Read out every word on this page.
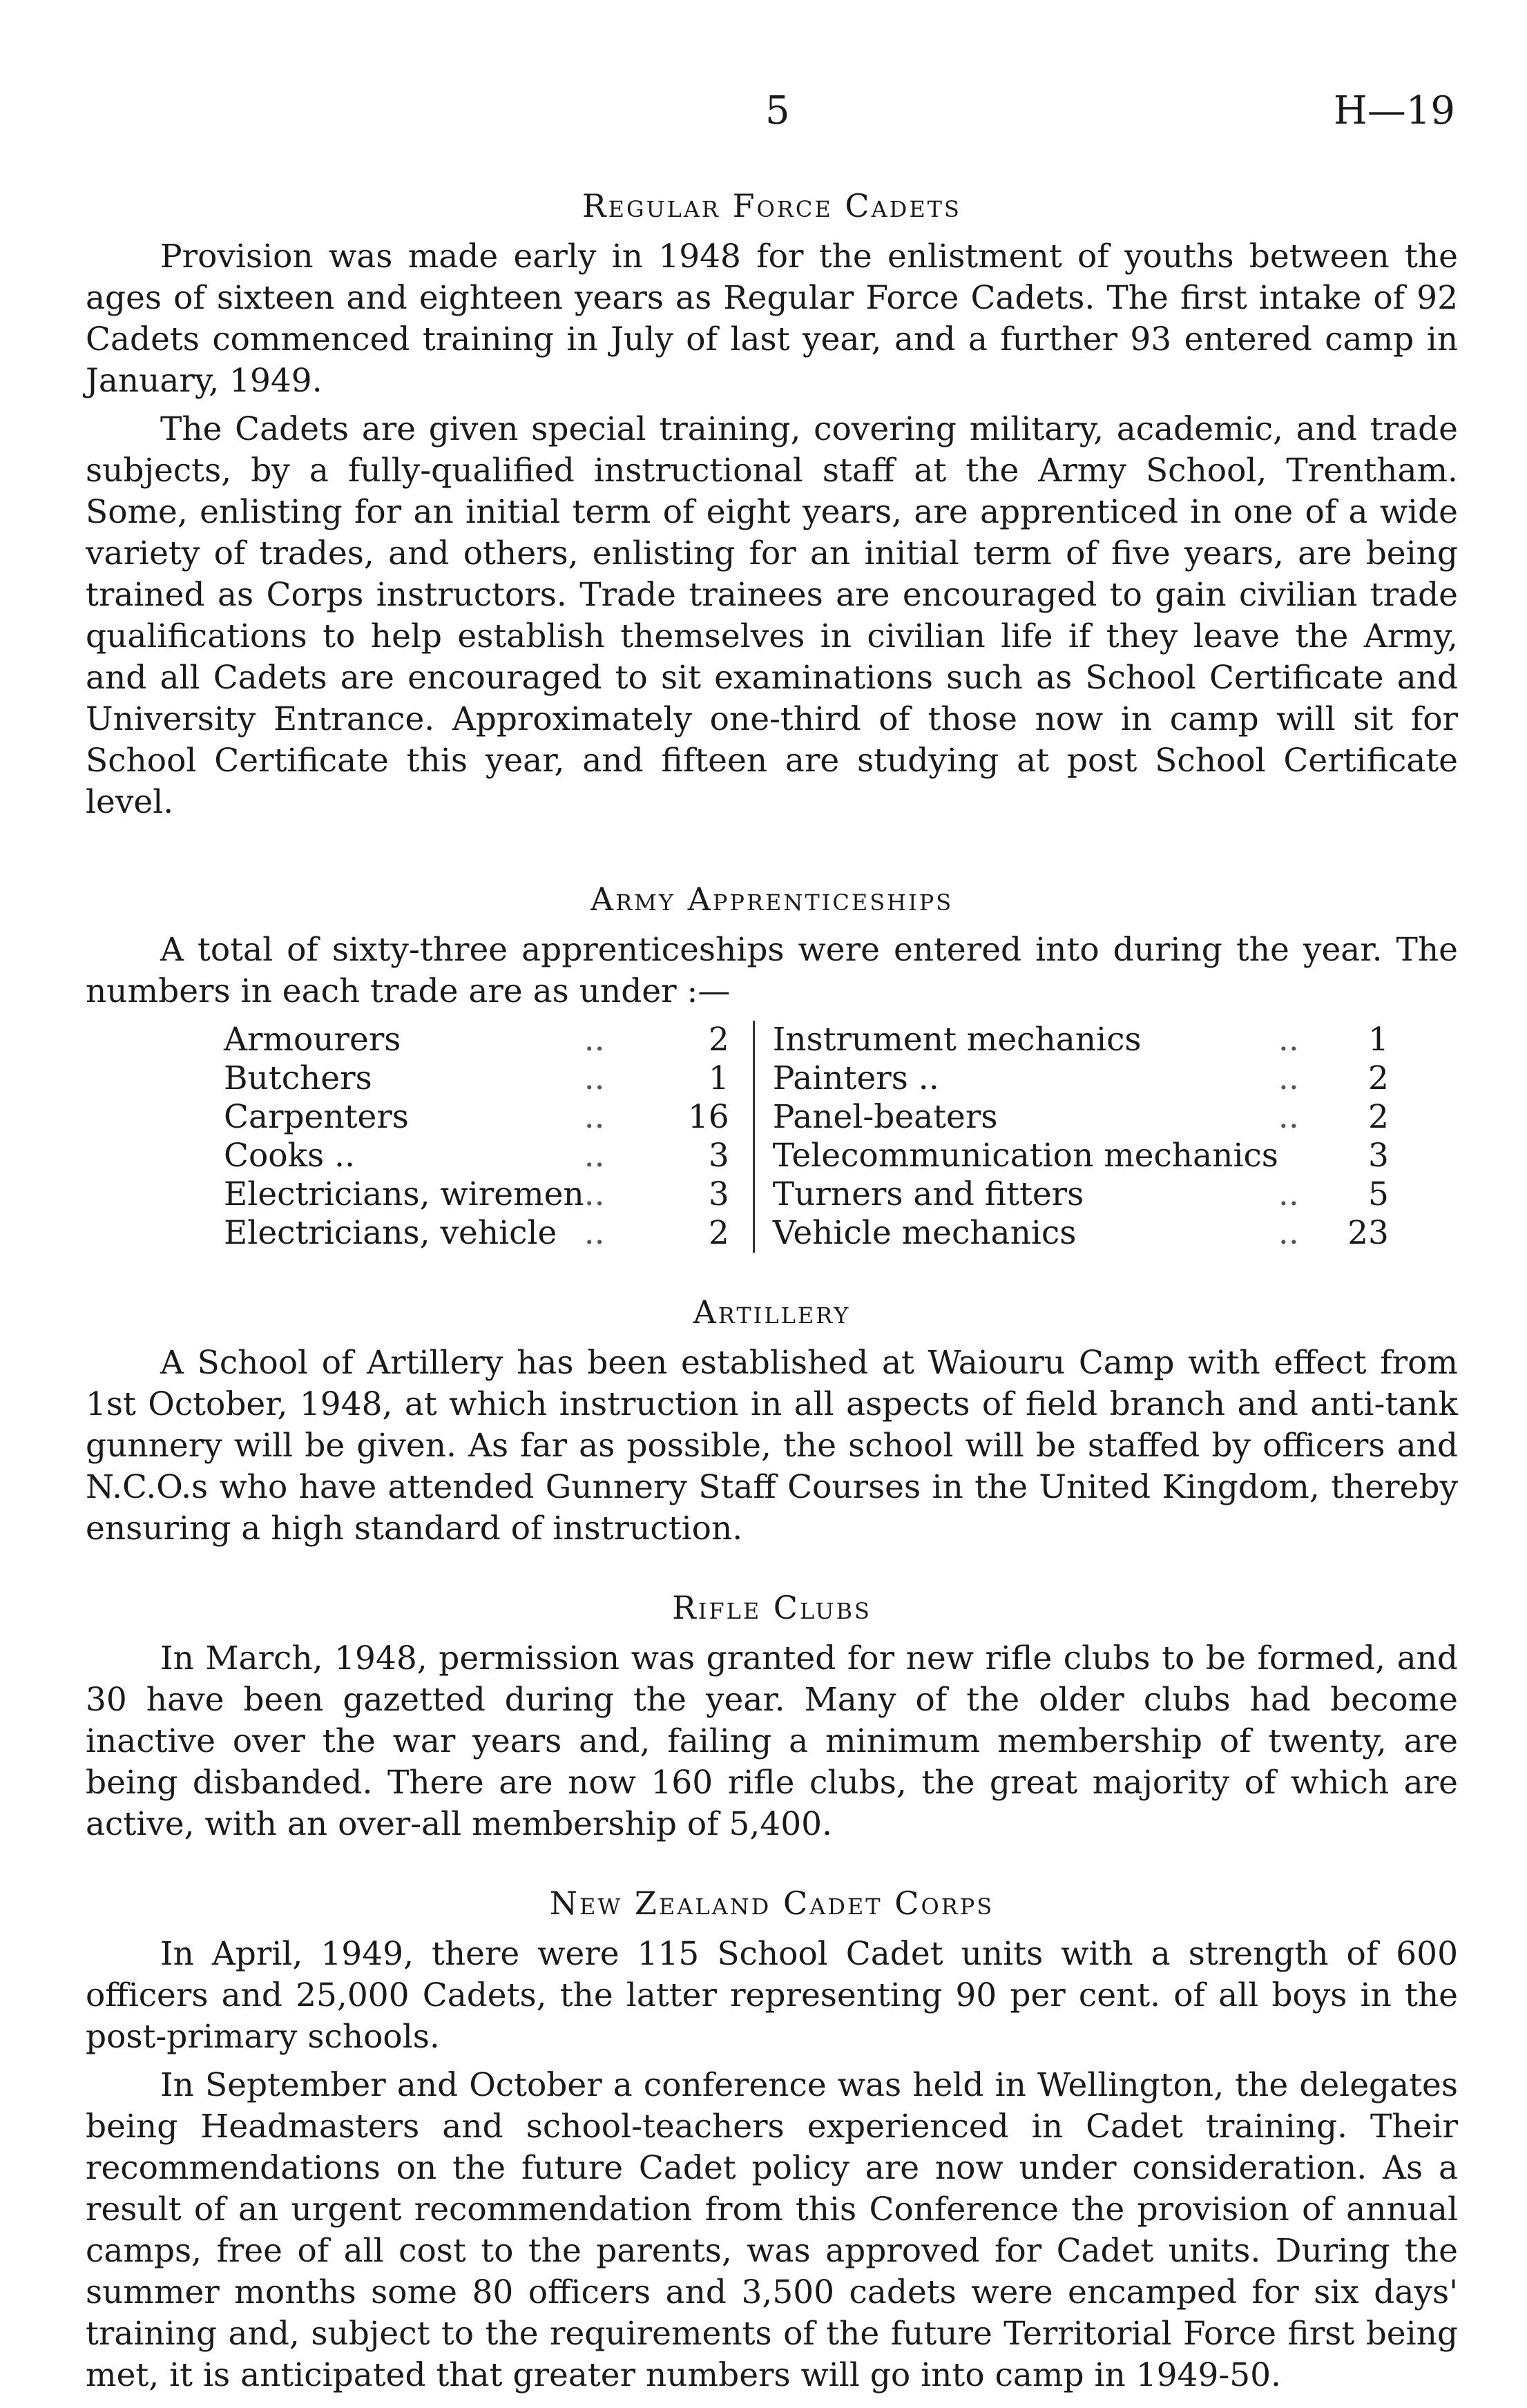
5	H—19
Regular Force Cadets

Provision was made early in 1948 for the enlistment of youths between the ages of sixteen and eighteen years as Regular Force Cadets. The first intake of 92 Cadets commenced training in July of last year, and a further 93 entered camp in January, 1949.

The Cadets are given special training, covering military, academic, and trade subjects, by a fully-qualified instructional staff at the Army School, Trentham. Some, enlisting for an initial term of eight years, are apprenticed in one of a wide variety of trades, and others, enlisting for an initial term of five years, are being trained as Corps instructors. Trade trainees are encouraged to gain civilian trade qualifications to help establish themselves in civilian life if they leave the Army, and all Cadets are encouraged to sit examinations such as School Certificate and University Entrance. Approximately one-third of those now in camp will sit for School Certificate this year, and fifteen are studying at post School Certificate level.

Army Apprenticeships

A total of sixty-three apprenticeships were entered into during the year. The numbers in each trade are as under :—

Armourers	..	2		Instrument mechanics	..	1
Butchers	..	1		Painters ..	..	2
Carpenters	..	16		Panel-beaters	..	2
Cooks ..	..	3		Telecommunication mechanics		3
Electricians, wiremen	..	3		Turners and fitters	..	5
Electricians, vehicle	..	2		Vehicle mechanics	..	23
Artillery

A School of Artillery has been established at Waiouru Camp with effect from 1st October, 1948, at which instruction in all aspects of field branch and anti-tank gunnery will be given. As far as possible, the school will be staffed by officers and N.C.O.s who have attended Gunnery Staff Courses in the United Kingdom, thereby ensuring a high standard of instruction.

Rifle Clubs

In March, 1948, permission was granted for new rifle clubs to be formed, and 30 have been gazetted during the year. Many of the older clubs had become inactive over the war years and, failing a minimum membership of twenty, are being disbanded. There are now 160 rifle clubs, the great majority of which are active, with an over-all membership of 5,400.

New Zealand Cadet Corps

In April, 1949, there were 115 School Cadet units with a strength of 600 officers and 25,000 Cadets, the latter representing 90 per cent. of all boys in the post-primary schools.

In September and October a conference was held in Wellington, the delegates being Headmasters and school-teachers experienced in Cadet training. Their recommendations on the future Cadet policy are now under consideration. As a result of an urgent recommendation from this Conference the provision of annual camps, free of all cost to the parents, was approved for Cadet units. During the summer months some 80 officers and 3,500 cadets were encamped for six days' training and, subject to the requirements of the future Territorial Force first being met, it is anticipated that greater numbers will go into camp in 1949-50.
